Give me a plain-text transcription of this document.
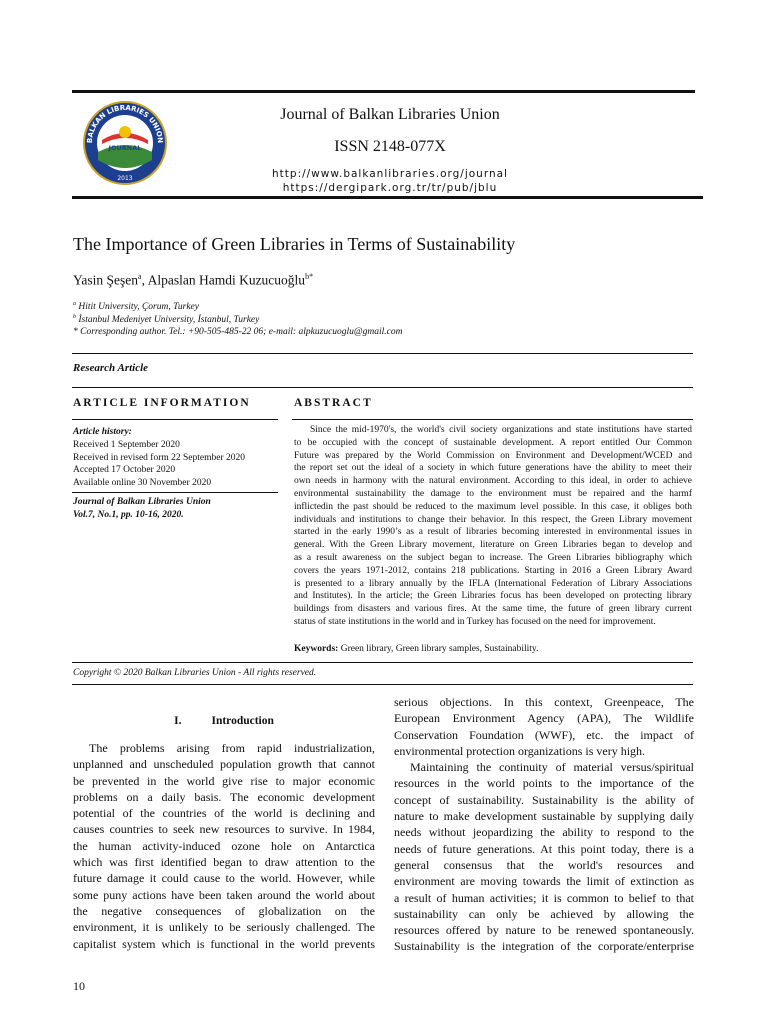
BALKAN LIBRARIES UNION
JOURNAL
2013
Journal of Balkan Libraries Union
ISSN 2148-077X
http://www.balkanlibraries.org/journal
https://dergipark.org.tr/tr/pub/jblu
The Importance of Green Libraries in Terms of Sustainability
Yasin Şeşen$^a$, Alpaslan Hamdi Kuzucuoğlu$^{b*}$
$^a$ Hitit University, Çorum, Turkey
$^b$ İstanbul Medeniyet University, İstanbul, Turkey
* Corresponding author. Tel.: +90-505-485-22 06; e-mail: alpkuzucuoglu@gmail.com
Research Article
ARTICLE INFORMATION	ABSTRACT
Article history:
Received 1 September 2020
Received in revised form 22 September 2020
Accepted 17 October 2020
Available online 30 November 2020
Journal of Balkan Libraries Union
Vol.7, No.1, pp. 10-16, 2020.

Since the mid-1970's, the world's civil society organizations and state institutions have started

to be occupied with the concept of sustainable development. A report entitled Our Common

Future was prepared by the World Commission on Environment and Development/WCED and

the report set out the ideal of a society in which future generations have the ability to meet their

own needs in harmony with the natural environment. According to this ideal, in order to achieve

environmental sustainability the damage to the environment must be repaired and the harmf

inflictedin the past should be reduced to the maximum level possible. In this case, it obliges both

individuals and institutions to change their behavior. In this respect, the Green Library movement

started in the early 1990’s as a result of libraries becoming interested in environmental issues in

general. With the Green Library movement, literature on Green Libraries began to develop and

as a result awareness on the subject began to increase. The Green Libraries bibliography which

covers the years 1971-2012, contains 218 publications. Starting in 2016 a Green Library Award

is presented to a library annually by the IFLA (International Federation of Library Associations

and Institutes). In the article; the Green Libraries focus has been developed on protecting library

buildings from disasters and various fires. At the same time, the future of green library current

status of state institutions in the world and in Turkey has focused on the need for improvement.

Keywords: Green library, Green library samples, Sustainability.
Copyright © 2020 Balkan Libraries Union - All rights reserved.
I.	Introduction

The problems arising from rapid industrialization,

unplanned and unscheduled population growth that cannot

be prevented in the world give rise to major economic

problems on a daily basis. The economic development

potential of the countries of the world is declining and

causes countries to seek new resources to survive. In 1984,

the human activity-induced ozone hole on Antarctica

which was first identified began to draw attention to the

future damage it could cause to the world. However, while

some puny actions have been taken around the world about

the negative consequences of globalization on the

environment, it is unlikely to be seriously challenged. The

capitalist system which is functional in the world prevents

serious objections. In this context, Greenpeace, The

European Environment Agency (APA), The Wildlife

Conservation Foundation (WWF), etc. the impact of

environmental protection organizations is very high.

Maintaining the continuity of material versus/spiritual

resources in the world points to the importance of the

concept of sustainability. Sustainability is the ability of

nature to make development sustainable by supplying daily

needs without jeopardizing the ability to respond to the

needs of future generations. At this point today, there is a

general consensus that the world's resources and

environment are moving towards the limit of extinction as

a result of human activities; it is common to belief to that

sustainability can only be achieved by allowing the

resources offered by nature to be renewed spontaneously.

Sustainability is the integration of the corporate/enterprise

10
